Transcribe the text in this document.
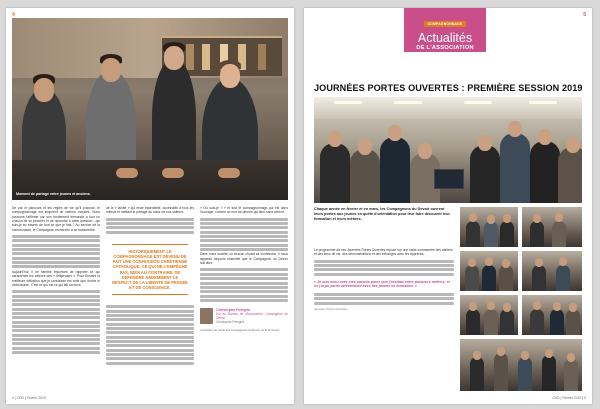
4
Moment de partage entre jeunes et anciens.

De par le parcours et les règles de vie qu'il propose, le compagnonnage est empreint de valeurs morales. Nous pouvons l'affirmer car son fondement demande à tout un chacun de se pencher et de répondre à cette question : qui suis-je au travers de tout ce que je fais ? Au service de la communauté, le Compagnon recherche à se transmettre.

Aujourd'hui, il ne semble important de rappeler ce qui caractérise les valeurs des « religieuses ». Pour l'instant la meilleure définition que je connaisse est celle que donne le dictionnaire. C'est ce qui est ce qui fait sa force.

de la « laïcité » qui reste essentielle, accessible à tous les milieux et mettant le partage au cœur de nos valeurs.

HISTORIQUEMENT LE COMPAGNONNAGE EST DEVENU DE FAIT UNE CONFESSION CHRÉTIENNE CATHOLIQUE, CE QUI NE L'EMPÊCHE PAS, BIEN AU CONTRAIRE, DE DÉFENDRE ARDEMMENT LE RESPECT DE LA LIBERTÉ DE PENSÉE ET DE CONSCIENCE.

« Où suis-je ? » et tout le compagnonnage qui est dans l'ouvrage, comme un mur de pierres qui tient sans ciment.

Dans notre société où chacun choisit sa confession, il nous apparaît toujours essentiel que le Compagnon du Devoir soit libre.

Christophe Pelegrin
Élu au Bureau de l'Association, Compagnon du Devoir
Christophe Pelegrin
L'évolution du fonds des Compagnons du Devoir au fil du temps.
4 | CDD | Février 2019
5
COMPAGNONNAGE
Actualités
DE L'ASSOCIATION
JOURNÉES PORTES OUVERTES : PREMIÈRE SESSION 2019
Chaque année en février et en mars, les Compagnons du Devoir ouvrent leurs portes aux jeunes en quête d'orientation pour leur faire découvrir leur formation et leurs métiers.

Le programme de ces Journées Portes Ouvertes repose sur une visite commentée des ateliers et des lieux de vie, des démonstrations et des échanges avec les apprentis.

« Je suis venu avec mes parents parce que j'hésitais entre plusieurs métiers, et ici j'ai pu parler directement avec des jeunes en formation. »
Journée Portes Ouvertes.
CDD | Février 2019 | 5
